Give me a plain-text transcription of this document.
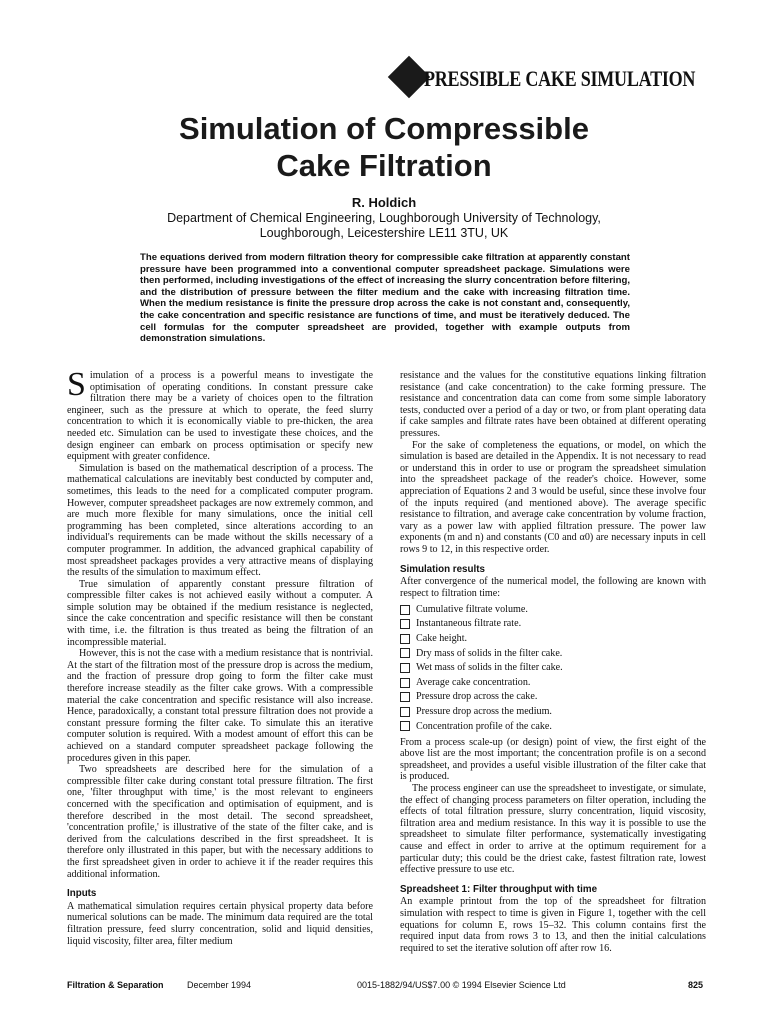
PRESSIBLE CAKE SIMULATION
Simulation of Compressible
Cake Filtration
R. Holdich
Department of Chemical Engineering, Loughborough University of Technology,
Loughborough, Leicestershire LE11 3TU, UK
The equations derived from modern filtration theory for compressible cake filtration at apparently constant pressure have been programmed into a conventional computer spreadsheet package. Simulations were then performed, including investigations of the effect of increasing the slurry concentration before filtering, and the distribution of pressure between the filter medium and the cake with increasing filtration time. When the medium resistance is finite the pressure drop across the cake is not constant and, consequently, the cake concentration and specific resistance are functions of time, and must be iteratively deduced. The cell formulas for the computer spreadsheet are provided, together with example outputs from demonstration simulations.

Simulation of a process is a powerful means to investigate the optimisation of operating conditions. In constant pressure cake filtration there may be a variety of choices open to the filtration engineer, such as the pressure at which to operate, the feed slurry concentration to which it is economically viable to pre-thicken, the area needed etc. Simulation can be used to investigate these choices, and the design engineer can embark on process optimisation or specify new equipment with greater confidence.

Simulation is based on the mathematical description of a process. The mathematical calculations are inevitably best conducted by computer and, sometimes, this leads to the need for a complicated computer program. However, computer spreadsheet packages are now extremely common, and are much more flexible for many simulations, once the initial cell programming has been completed, since alterations according to an individual's requirements can be made without the skills necessary of a computer programmer. In addition, the advanced graphical capability of most spreadsheet packages provides a very attractive means of displaying the results of the simulation to maximum effect.

True simulation of apparently constant pressure filtration of compressible filter cakes is not achieved easily without a computer. A simple solution may be obtained if the medium resistance is neglected, since the cake concentration and specific resistance will then be constant with time, i.e. the filtration is thus treated as being the filtration of an incompressible material.

However, this is not the case with a medium resistance that is nontrivial. At the start of the filtration most of the pressure drop is across the medium, and the fraction of pressure drop going to form the filter cake must therefore increase steadily as the filter cake grows. With a compressible material the cake concentration and specific resistance will also increase. Hence, paradoxically, a constant total pressure filtration does not provide a constant pressure forming the filter cake. To simulate this an iterative computer solution is required. With a modest amount of effort this can be achieved on a standard computer spreadsheet package following the procedures given in this paper.

Two spreadsheets are described here for the simulation of a compressible filter cake during constant total pressure filtration. The first one, 'filter throughput with time,' is the most relevant to engineers concerned with the specification and optimisation of equipment, and is therefore described in the most detail. The second spreadsheet, 'concentration profile,' is illustrative of the state of the filter cake, and is derived from the calculations described in the first spreadsheet. It is therefore only illustrated in this paper, but with the necessary additions to the first spreadsheet given in order to achieve it if the reader requires this additional information.

Inputs

A mathematical simulation requires certain physical property data before numerical solutions can be made. The minimum data required are the total filtration pressure, feed slurry concentration, solid and liquid densities, liquid viscosity, filter area, filter medium

resistance and the values for the constitutive equations linking filtration resistance (and cake concentration) to the cake forming pressure. The resistance and concentration data can come from some simple laboratory tests, conducted over a period of a day or two, or from plant operating data if cake samples and filtrate rates have been obtained at different operating pressures.

For the sake of completeness the equations, or model, on which the simulation is based are detailed in the Appendix. It is not necessary to read or understand this in order to use or program the spreadsheet simulation into the spreadsheet package of the reader's choice. However, some appreciation of Equations 2 and 3 would be useful, since these involve four of the inputs required (and mentioned above). The average specific resistance to filtration, and average cake concentration by volume fraction, vary as a power law with applied filtration pressure. The power law exponents (m and n) and constants (C0 and α0) are necessary inputs in cell rows 9 to 12, in this respective order.

Simulation results

After convergence of the numerical model, the following are known with respect to filtration time:

Cumulative filtrate volume.
Instantaneous filtrate rate.
Cake height.
Dry mass of solids in the filter cake.
Wet mass of solids in the filter cake.
Average cake concentration.
Pressure drop across the cake.
Pressure drop across the medium.
Concentration profile of the cake.

From a process scale-up (or design) point of view, the first eight of the above list are the most important; the concentration profile is on a second spreadsheet, and provides a useful visible illustration of the filter cake that is produced.

The process engineer can use the spreadsheet to investigate, or simulate, the effect of changing process parameters on filter operation, including the effects of total filtration pressure, slurry concentration, liquid viscosity, filtration area and medium resistance. In this way it is possible to use the spreadsheet to simulate filter performance, systematically investigating cause and effect in order to arrive at the optimum requirement for a particular duty; this could be the driest cake, fastest filtration rate, lowest effective pressure to use etc.

Spreadsheet 1: Filter throughput with time

An example printout from the top of the spreadsheet for filtration simulation with respect to time is given in Figure 1, together with the cell equations for column E, rows 15–32. This column contains first the required input data from rows 3 to 13, and then the initial calculations required to set the iterative solution off after row 16.

Filtration & Separation	December 1994	0015-1882/94/US$7.00 © 1994 Elsevier Science Ltd	825
